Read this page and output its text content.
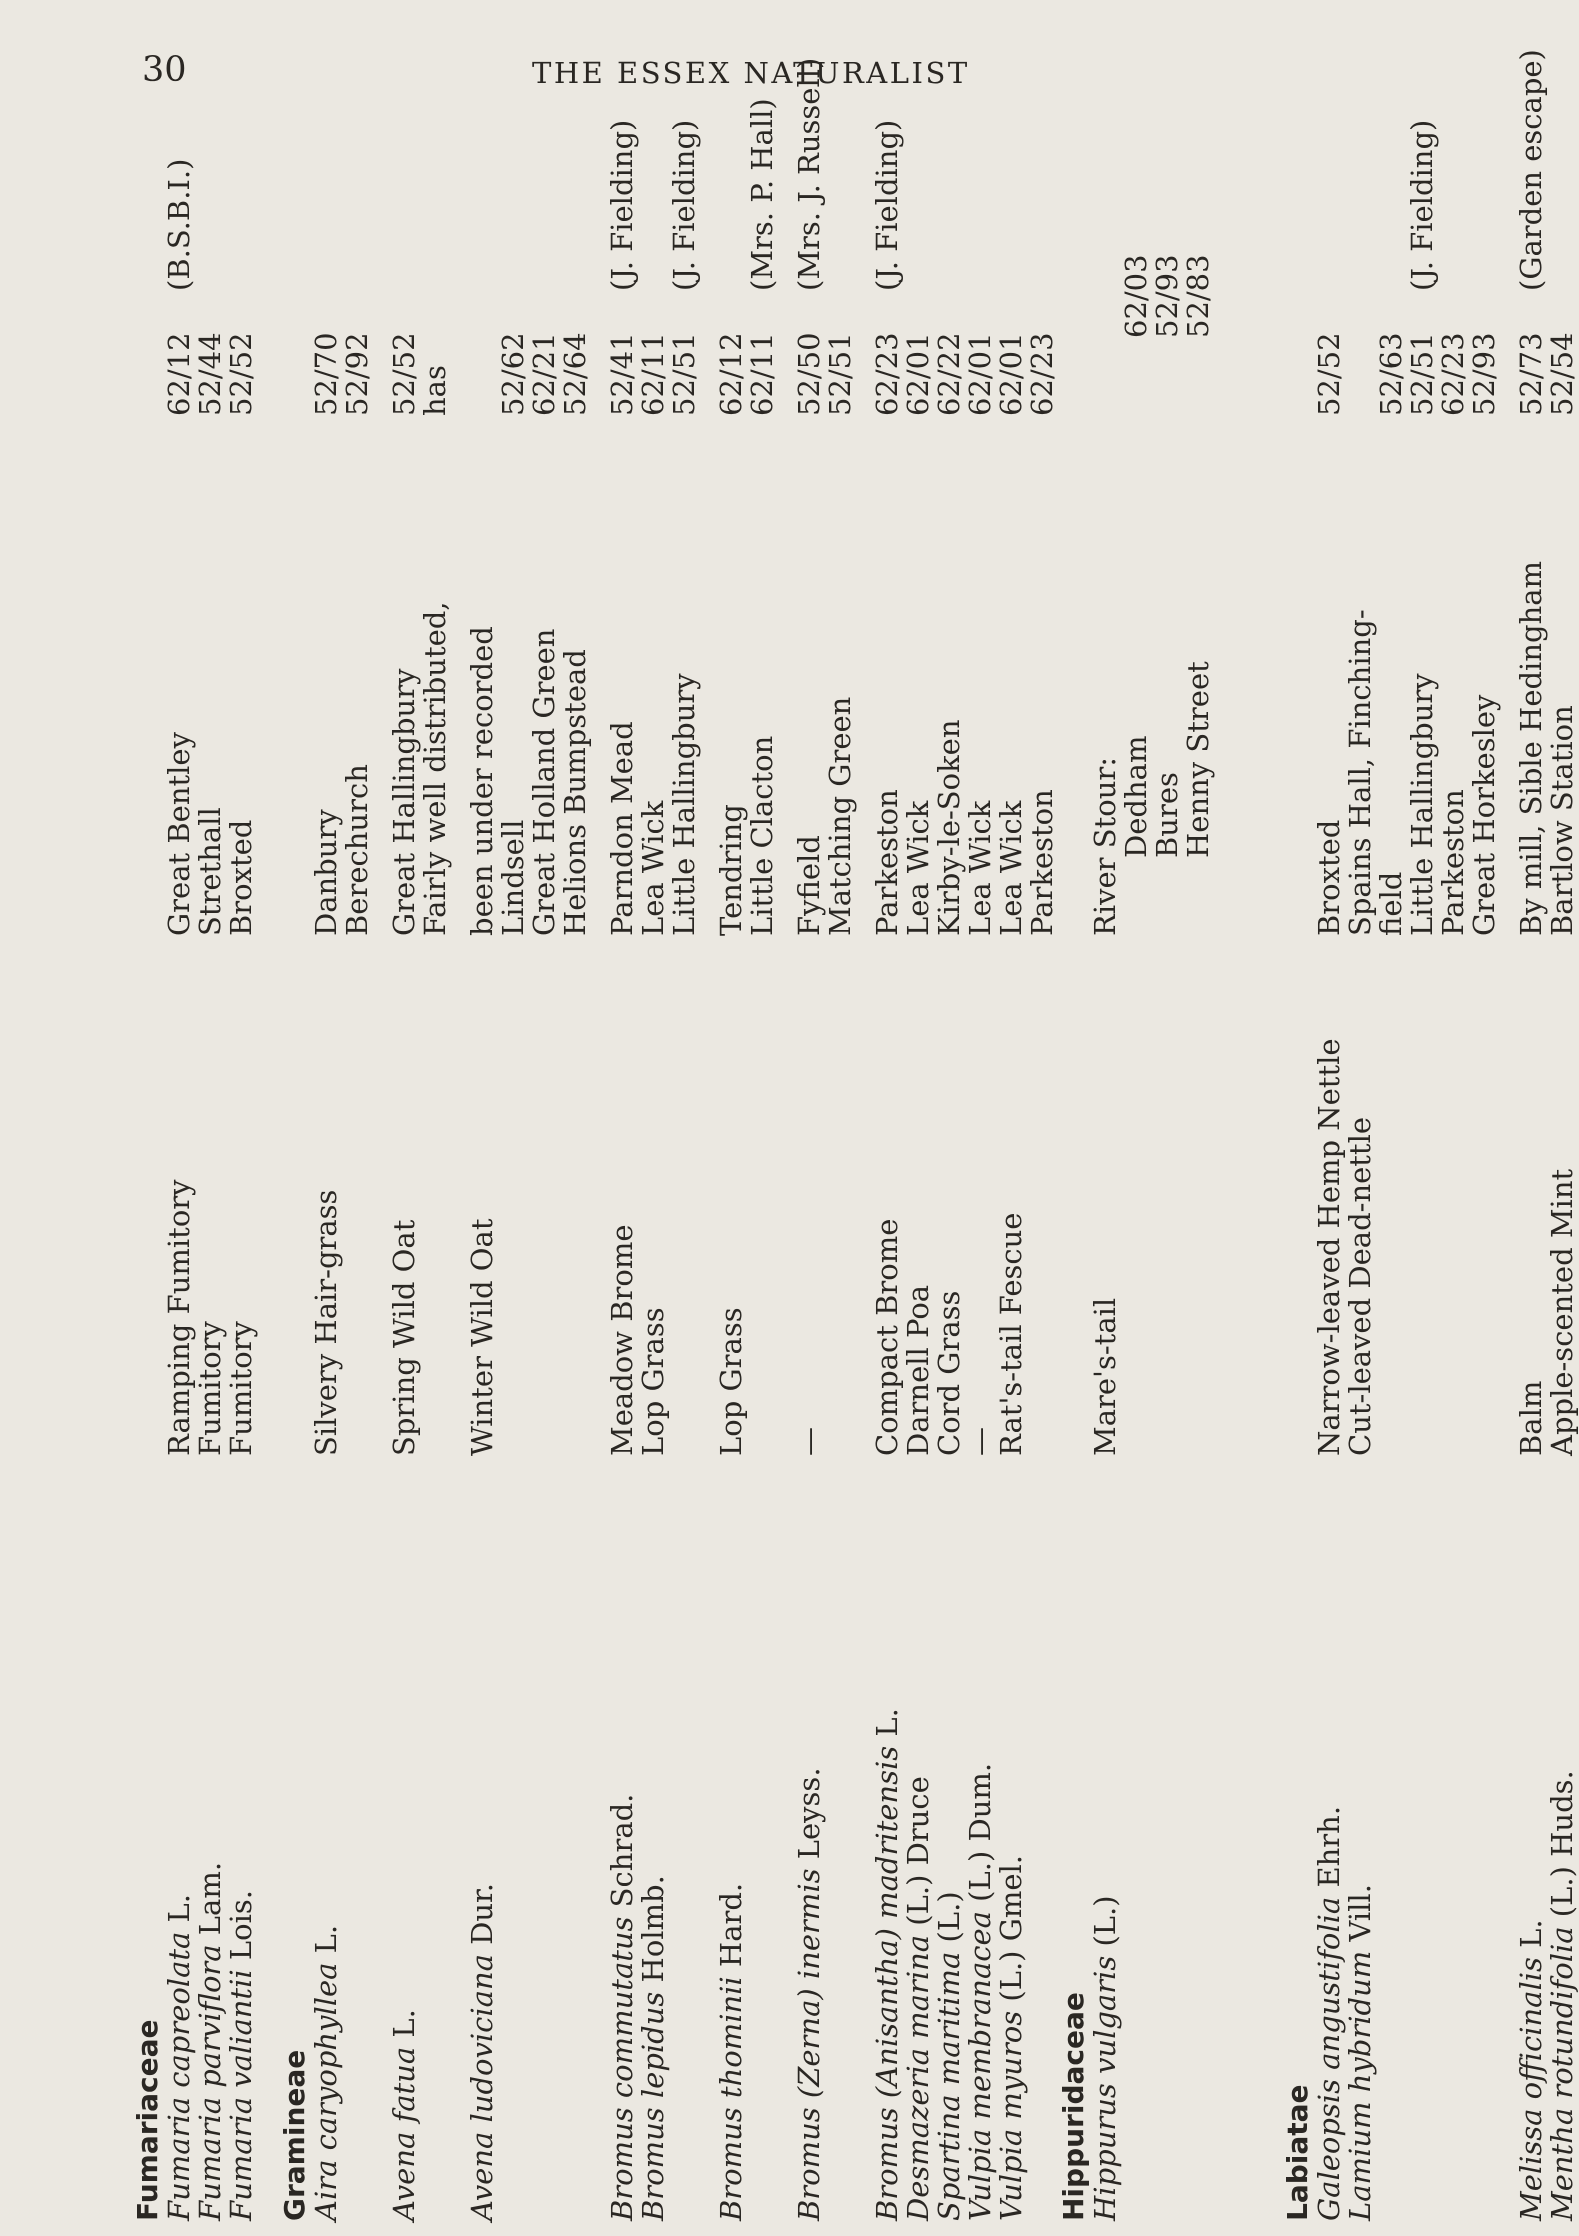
30	THE ESSEX NATURALIST
Fumariaceae
Fumaria capreolata L.
Ramping Fumitory
Great Bentley
62/12
(B.S.B.I.)
Fumaria parviflora Lam.
Fumitory
Strethall
52/44
Fumaria valiantii Lois.
Fumitory
Broxted
52/52
Gramineae
Aira caryophyllea L.
Silvery Hair-grass
Danbury
52/70
Berechurch
52/92
Avena fatua L.
Spring Wild Oat
Great Hallingbury
52/52
Fairly well distributed,
has
Avena ludoviciana Dur.
Winter Wild Oat
been under recorded
Lindsell
52/62
Great Holland Green
62/21
Helions Bumpstead
52/64
Bromus commutatus Schrad.
Meadow Brome
Parndon Mead
52/41
(J. Fielding)
Bromus lepidus Holmb.
Lop Grass
Lea Wick
62/11
Little Hallingbury
52/51
(J. Fielding)
Bromus thominii Hard.
Lop Grass
Tendring
62/12
Little Clacton
62/11
(Mrs. P. Hall)
Bromus (Zerna) inermis Leyss.
—
Fyfield
52/50
(Mrs. J. Russell)
Matching Green
52/51
Bromus (Anisantha) madritensis L.
Compact Brome
Parkeston
62/23
(J. Fielding)
Desmazeria marina (L.) Druce
Darnell Poa
Lea Wick
62/01
Spartina maritima (L.)
Cord Grass
Kirby-le-Soken
62/22
Vulpia membranacea (L.) Dum.
—
Lea Wick
62/01
Vulpia myuros (L.) Gmel.
Rat's-tail Fescue
Lea Wick
62/01
Parkeston
62/23
Hippuridaceae
Hippurus vulgaris (L.)
Mare's-tail
River Stour:
Dedham
62/03
Bures
52/93
Henny Street
52/83
Labiatae
Galeopsis angustifolia Ehrh.
Narrow-leaved Hemp Nettle
Broxted
52/52
Lamium hybridum Vill.
Cut-leaved Dead-nettle
Spains Hall, Finching-
field
52/63
Little Hallingbury
52/51
(J. Fielding)
Parkeston
62/23
Great Horkesley
52/93
Melissa officinalis L.
Balm
By mill, Sible Hedingham
52/73
(Garden escape)
Mentha rotundifolia (L.) Huds.
Apple-scented Mint
Bartlow Station
52/54
